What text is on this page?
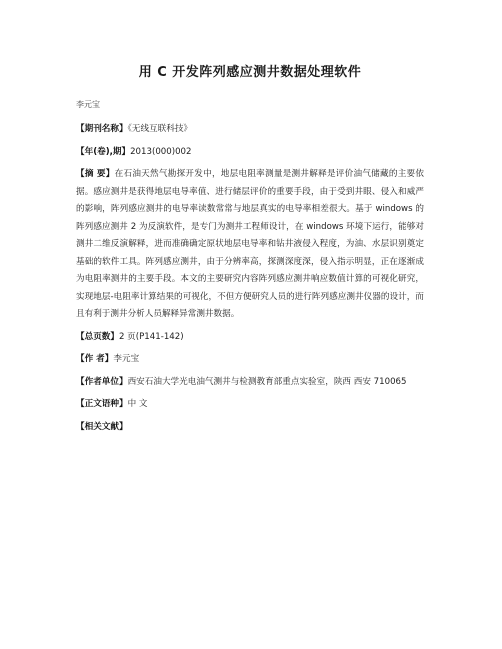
用 C 开发阵列感应测井数据处理软件
李元宝
【期刊名称】《无线互联科技》
【年(卷),期】2013(000)002
【摘 要】在石油天然气勘探开发中，地层电阻率测量是测井解释是评价油气储藏的主要依据。感应测井是获得地层电导率值、进行储层评价的重要手段，由于受到井眼、侵入和威严的影响，阵列感应测井的电导率读数常常与地层真实的电导率相差很大。基于 windows 的阵列感应测井 2 为反演软件，是专门为测井工程师设计，在 windows 环境下运行，能够对测井二维反演解释，进而准确确定原状地层电导率和钻井液侵入程度，为油、水层识别奠定基础的软件工具。阵列感应测井，由于分辨率高，探测深度深，侵入指示明显，正在逐渐成为电阻率测井的主要手段。本文的主要研究内容阵列感应测井响应数值计算的可视化研究，实现地层-电阻率计算结果的可视化，不但方便研究人员的进行阵列感应测井仪器的设计，而且有利于测井分析人员解释异常测井数据。
【总页数】2 页(P141-142)
【作 者】李元宝
【作者单位】西安石油大学光电油气测井与检测教育部重点实验室，陕西 西安 710065
【正文语种】中 文
【相关文献】
